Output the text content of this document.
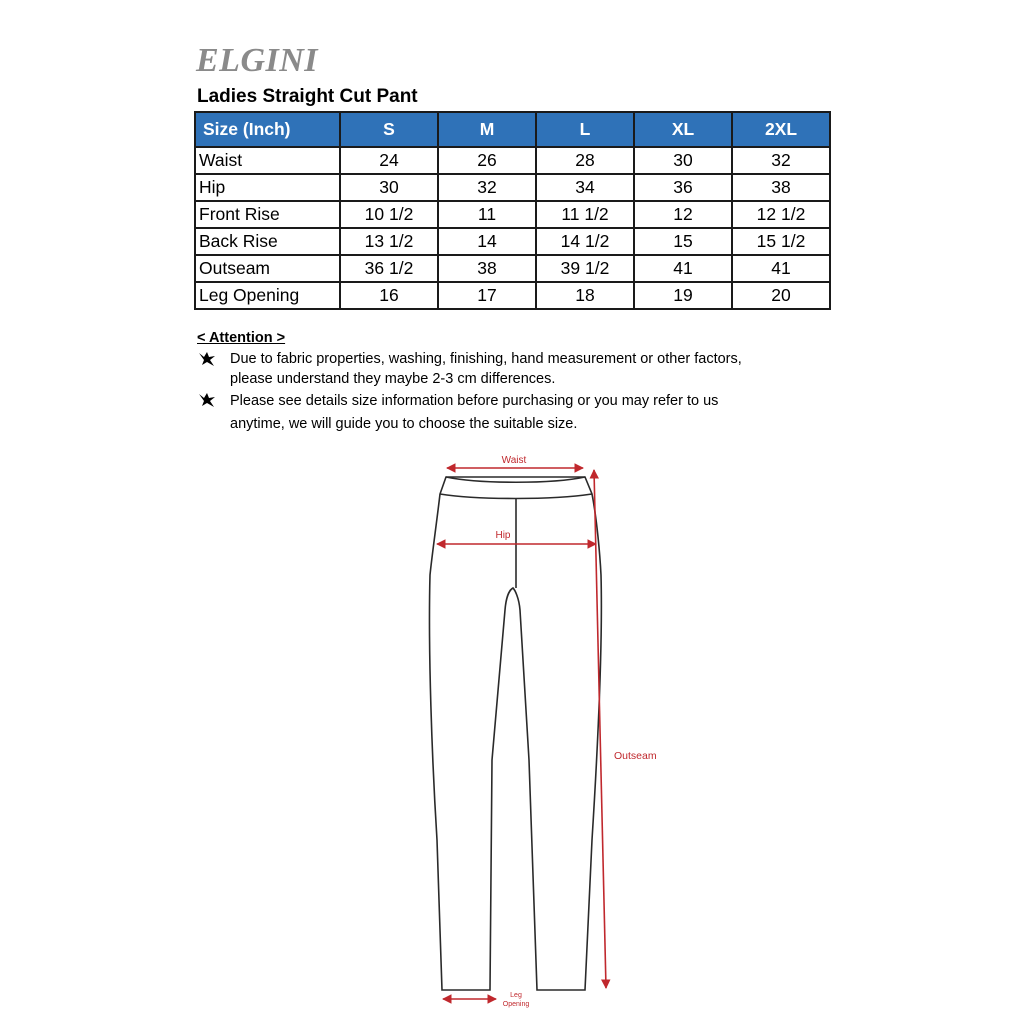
ELGINI
Ladies Straight Cut Pant
Size (Inch)	S	M	L	XL	2XL
Waist	24	26	28	30	32
Hip	30	32	34	36	38
Front Rise	10 1/2	11	11 1/2	12	12 1/2
Back Rise	13 1/2	14	14 1/2	15	15 1/2
Outseam	36 1/2	38	39 1/2	41	41
Leg Opening	16	17	18	19	20
< Attention >
Due to fabric properties, washing, finishing, hand measurement or other factors,
please understand they maybe 2-3 cm differences.
Please see details size information before purchasing or you may refer to us
anytime, we will guide you to choose the suitable size.
Waist
Hip
Outseam
Leg
Opening
